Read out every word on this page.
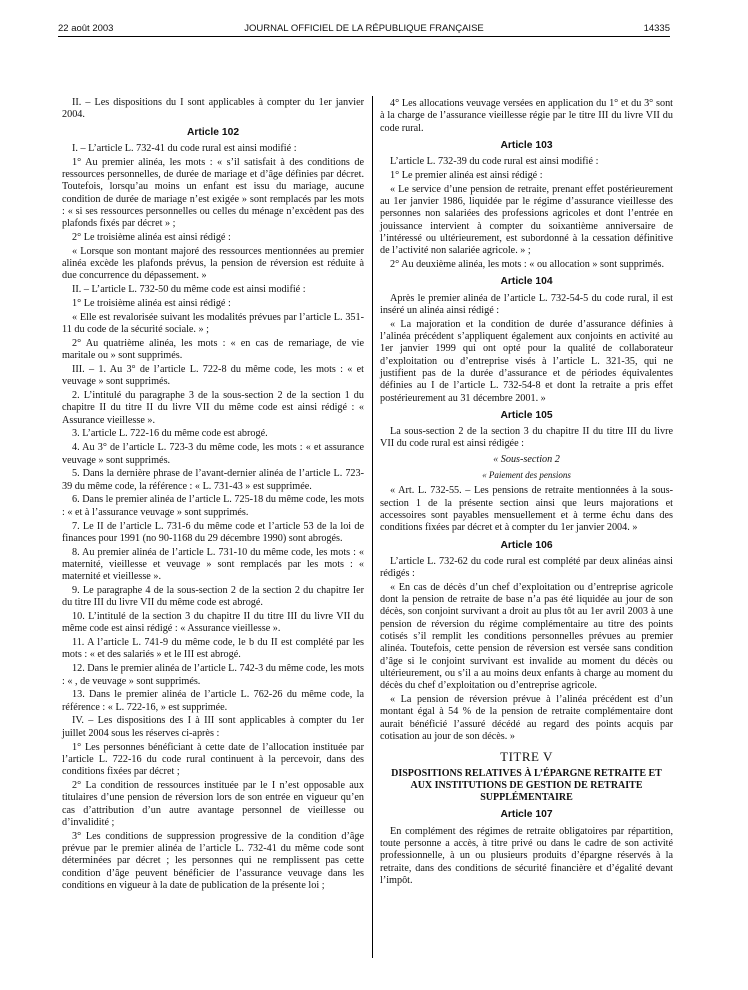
22 août 2003	JOURNAL OFFICIEL DE LA RÉPUBLIQUE FRANÇAISE	14335

II. – Les dispositions du I sont applicables à compter du 1er janvier 2004.

Article 102

I. – L’article L. 732-41 du code rural est ainsi modifié :

1° Au premier alinéa, les mots : « s’il satisfait à des conditions de ressources personnelles, de durée de mariage et d’âge définies par décret. Toutefois, lorsqu’au moins un enfant est issu du mariage, aucune condition de durée de mariage n’est exigée » sont remplacés par les mots : « si ses ressources personnelles ou celles du ménage n’excèdent pas des plafonds fixés par décret » ;

2° Le troisième alinéa est ainsi rédigé :

« Lorsque son montant majoré des ressources mentionnées au premier alinéa excède les plafonds prévus, la pension de réversion est réduite à due concurrence du dépassement. »

II. – L’article L. 732-50 du même code est ainsi modifié :

1° Le troisième alinéa est ainsi rédigé :

« Elle est revalorisée suivant les modalités prévues par l’article L. 351-11 du code de la sécurité sociale. » ;

2° Au quatrième alinéa, les mots : « en cas de remariage, de vie maritale ou » sont supprimés.

III. – 1. Au 3° de l’article L. 722-8 du même code, les mots : « et veuvage » sont supprimés.

2. L’intitulé du paragraphe 3 de la sous-section 2 de la section 1 du chapitre II du titre II du livre VII du même code est ainsi rédigé : « Assurance vieillesse ».

3. L’article L. 722-16 du même code est abrogé.

4. Au 3° de l’article L. 723-3 du même code, les mots : « et assurance veuvage » sont supprimés.

5. Dans la dernière phrase de l’avant-dernier alinéa de l’article L. 723-39 du même code, la référence : « L. 731-43 » est supprimée.

6. Dans le premier alinéa de l’article L. 725-18 du même code, les mots : « et à l’assurance veuvage » sont supprimés.

7. Le II de l’article L. 731-6 du même code et l’article 53 de la loi de finances pour 1991 (no 90-1168 du 29 décembre 1990) sont abrogés.

8. Au premier alinéa de l’article L. 731-10 du même code, les mots : « maternité, vieillesse et veuvage » sont remplacés par les mots : « maternité et vieillesse ».

9. Le paragraphe 4 de la sous-section 2 de la section 2 du chapitre Ier du titre III du livre VII du même code est abrogé.

10. L’intitulé de la section 3 du chapitre II du titre III du livre VII du même code est ainsi rédigé : « Assurance vieillesse ».

11. A l’article L. 741-9 du même code, le b du II est complété par les mots : « et des salariés » et le III est abrogé.

12. Dans le premier alinéa de l’article L. 742-3 du même code, les mots : « , de veuvage » sont supprimés.

13. Dans le premier alinéa de l’article L. 762-26 du même code, la référence : « L. 722-16, » est supprimée.

IV. – Les dispositions des I à III sont applicables à compter du 1er juillet 2004 sous les réserves ci-après :

1° Les personnes bénéficiant à cette date de l’allocation instituée par l’article L. 722-16 du code rural continuent à la percevoir, dans des conditions fixées par décret ;

2° La condition de ressources instituée par le I n’est opposable aux titulaires d’une pension de réversion lors de son entrée en vigueur qu’en cas d’attribution d’un autre avantage personnel de vieillesse ou d’invalidité ;

3° Les conditions de suppression progressive de la condition d’âge prévue par le premier alinéa de l’article L. 732-41 du même code sont déterminées par décret ; les personnes qui ne remplissent pas cette condition d’âge peuvent bénéficier de l’assurance veuvage dans les conditions en vigueur à la date de publication de la présente loi ;

4° Les allocations veuvage versées en application du 1° et du 3° sont à la charge de l’assurance vieillesse régie par le titre III du livre VII du code rural.

Article 103

L’article L. 732-39 du code rural est ainsi modifié :

1° Le premier alinéa est ainsi rédigé :

« Le service d’une pension de retraite, prenant effet postérieurement au 1er janvier 1986, liquidée par le régime d’assurance vieillesse des personnes non salariées des professions agricoles et dont l’entrée en jouissance intervient à compter du soixantième anniversaire de l’intéressé ou ultérieurement, est subordonné à la cessation définitive de l’activité non salariée agricole. » ;

2° Au deuxième alinéa, les mots : « ou allocation » sont supprimés.

Article 104

Après le premier alinéa de l’article L. 732-54-5 du code rural, il est inséré un alinéa ainsi rédigé :

« La majoration et la condition de durée d’assurance définies à l’alinéa précédent s’appliquent également aux conjoints en activité au 1er janvier 1999 qui ont opté pour la qualité de collaborateur d’exploitation ou d’entreprise visés à l’article L. 321-35, qui ne justifient pas de la durée d’assurance et de périodes équivalentes définies au I de l’article L. 732-54-8 et dont la retraite a pris effet postérieurement au 31 décembre 2001. »

Article 105

La sous-section 2 de la section 3 du chapitre II du titre III du livre VII du code rural est ainsi rédigée :

« Sous-section 2

« Paiement des pensions

« Art. L. 732-55. – Les pensions de retraite mentionnées à la sous-section 1 de la présente section ainsi que leurs majorations et accessoires sont payables mensuellement et à terme échu dans des conditions fixées par décret et à compter du 1er janvier 2004. »

Article 106

L’article L. 732-62 du code rural est complété par deux alinéas ainsi rédigés :

« En cas de décès d’un chef d’exploitation ou d’entreprise agricole dont la pension de retraite de base n’a pas été liquidée au jour de son décès, son conjoint survivant a droit au plus tôt au 1er avril 2003 à une pension de réversion du régime complémentaire au titre des points cotisés s’il remplit les conditions personnelles prévues au premier alinéa. Toutefois, cette pension de réversion est versée sans condition d’âge si le conjoint survivant est invalide au moment du décès ou ultérieurement, ou s’il a au moins deux enfants à charge au moment du décès du chef d’exploitation ou d’entreprise agricole.

« La pension de réversion prévue à l’alinéa précédent est d’un montant égal à 54 % de la pension de retraite complémentaire dont aurait bénéficié l’assuré décédé au regard des points acquis par cotisation au jour de son décès. »

TITRE V

DISPOSITIONS RELATIVES À L’ÉPARGNE RETRAITE ET AUX INSTITUTIONS DE GESTION DE RETRAITE SUPPLÉMENTAIRE

Article 107

En complément des régimes de retraite obligatoires par répartition, toute personne a accès, à titre privé ou dans le cadre de son activité professionnelle, à un ou plusieurs produits d’épargne réservés à la retraite, dans des conditions de sécurité financière et d’égalité devant l’impôt.
